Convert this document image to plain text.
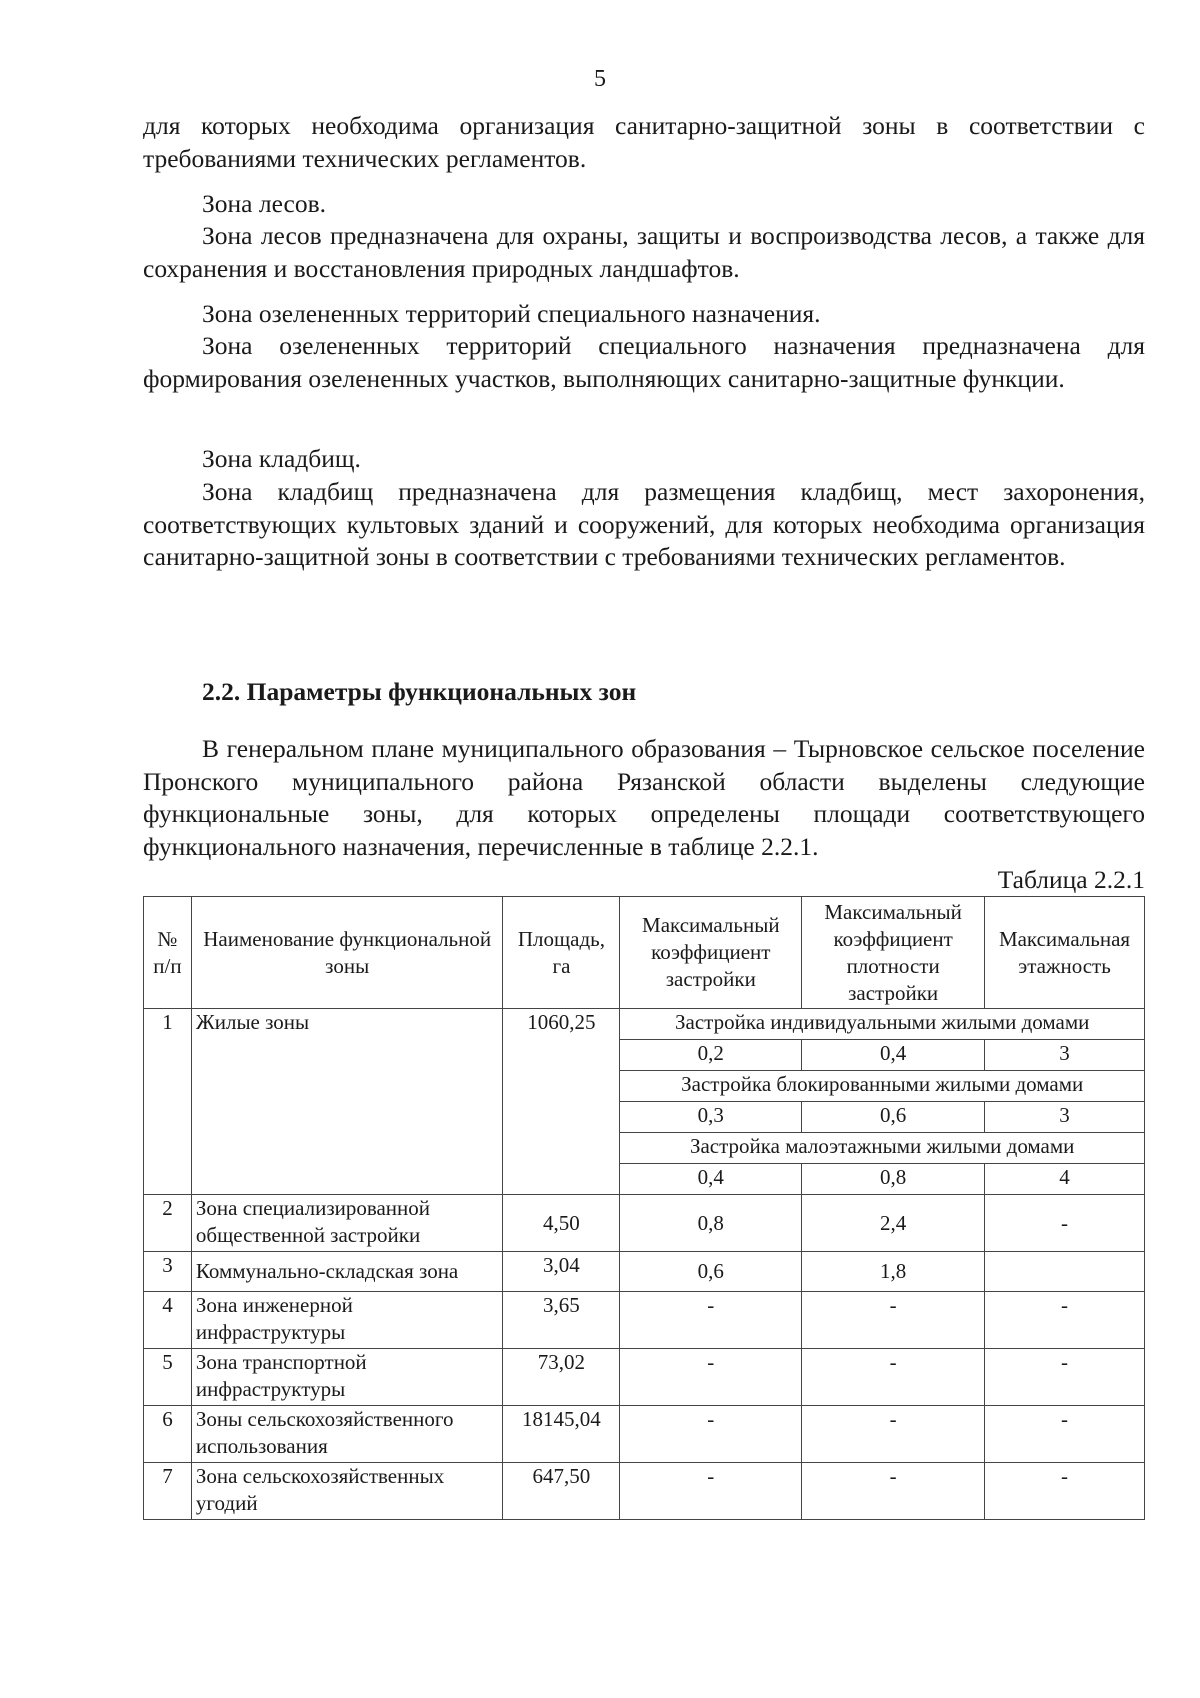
5

для которых необходима организация санитарно-защитной зоны в соответствии с требованиями технических регламентов.

Зона лесов.

Зона лесов предназначена для охраны, защиты и воспроизводства лесов, а также для сохранения и восстановления природных ландшафтов.

Зона озелененных территорий специального назначения.

Зона озелененных территорий специального назначения предназначена для формирования озелененных участков, выполняющих санитарно-защитные функции.

Зона кладбищ.

Зона кладбищ предназначена для размещения кладбищ, мест захоронения, соответствующих культовых зданий и сооружений, для которых необходима организация санитарно-защитной зоны в соответствии с требованиями технических регламентов.

2.2. Параметры функциональных зон

В генеральном плане муниципального образования – Тырновское сельское поселение Пронского муниципального района Рязанской области выделены следующие функциональные зоны, для которых определены площади соответствующего функционального назначения, перечисленные в таблице 2.2.1.

Таблица 2.2.1
№ п/п	Наименование функциональной зоны	Площадь, га	Максимальный коэффициент застройки	Максимальный коэффициент плотности застройки	Максимальная этажность
1	Жилые зоны	1060,25	Застройка индивидуальными жилыми домами		
			0,2	0,4	3
			Застройка блокированными жилыми домами		
			0,3	0,6	3
			Застройка малоэтажными жилыми домами		
			0,4	0,8	4
2	Зона специализированной общественной застройки	4,50	0,8	2,4	-
3	Коммунально-складская зона	3,04	0,6	1,8	
4	Зона инженерной инфраструктуры	3,65	-	-	-
5	Зона транспортной инфраструктуры	73,02	-	-	-
6	Зоны сельскохозяйственного использования	18145,04	-	-	-
7	Зона сельскохозяйственных угодий	647,50	-	-	-
